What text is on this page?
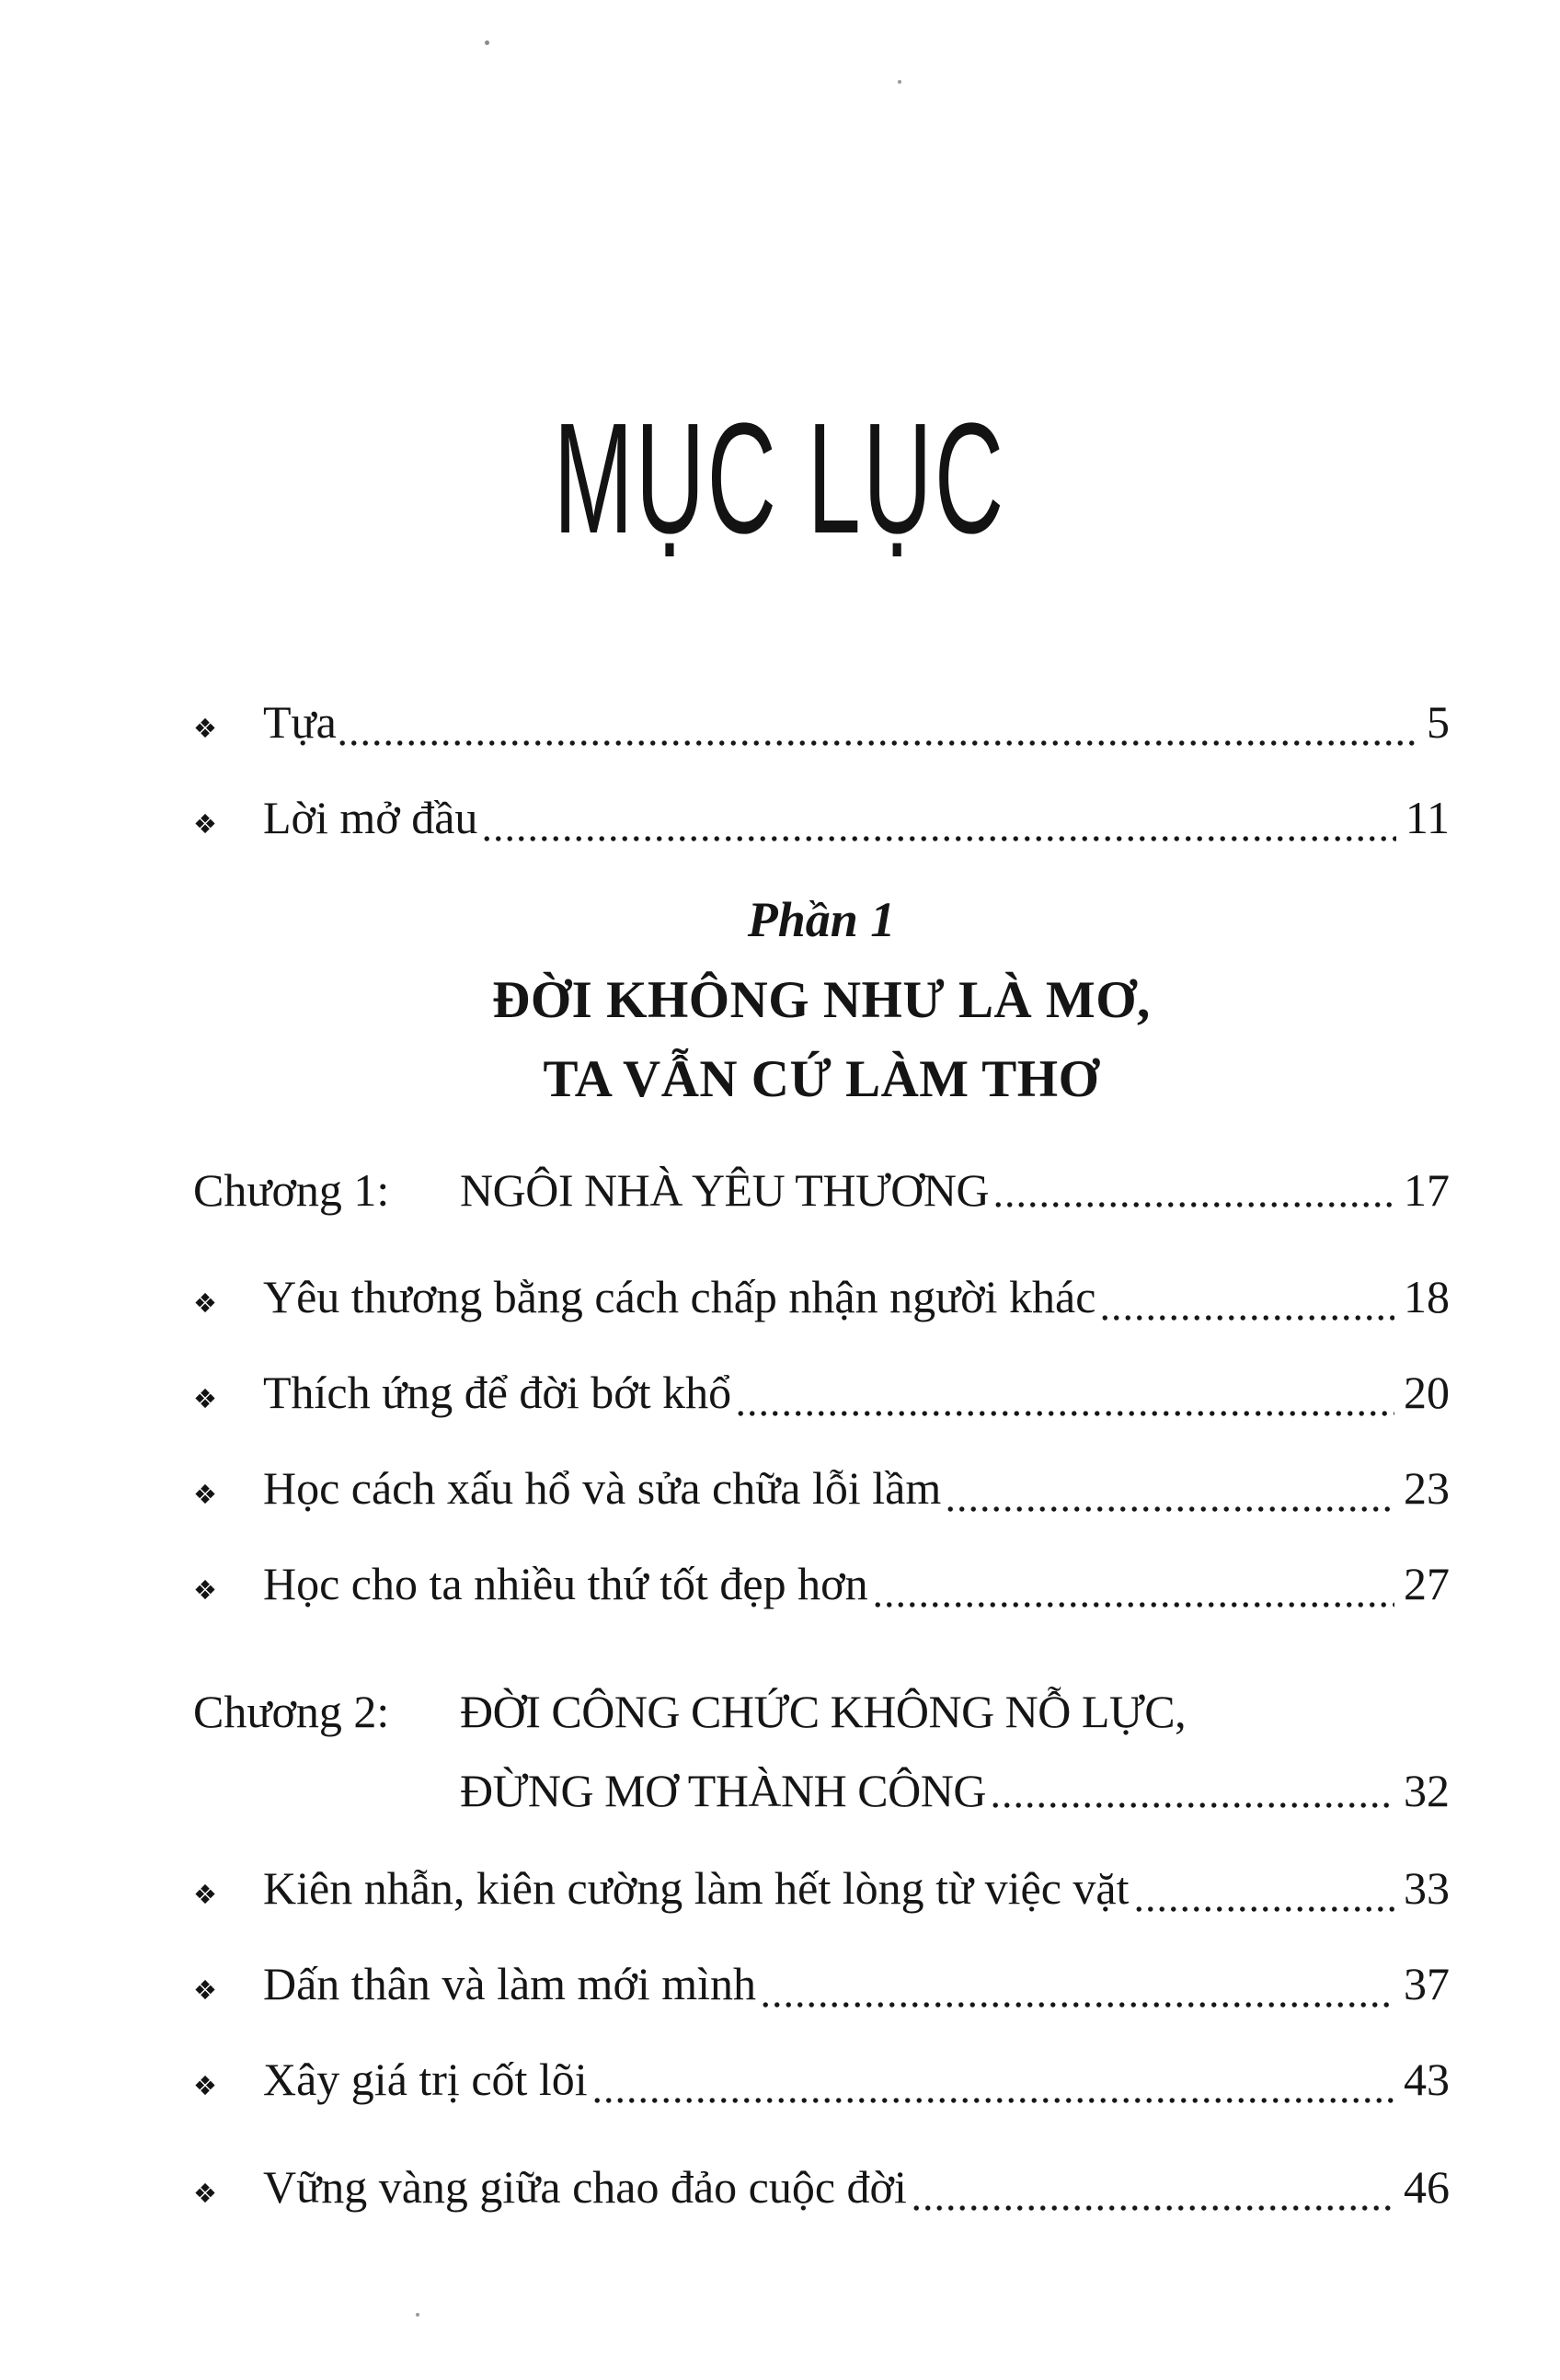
MỤC LỤC
❖	Tựa	5
❖	Lời mở đầu	11
Phần 1
ĐỜI KHÔNG NHƯ LÀ MƠ,
TA VẪN CỨ LÀM THƠ
Chương 1:	NGÔI NHÀ YÊU THƯƠNG	17
❖	Yêu thương bằng cách chấp nhận người khác	18
❖	Thích ứng để đời bớt khổ	20
❖	Học cách xấu hổ và sửa chữa lỗi lầm	23
❖	Học cho ta nhiều thứ tốt đẹp hơn	27
Chương 2:	ĐỜI CÔNG CHỨC KHÔNG NỖ LỰC,
ĐỪNG MƠ THÀNH CÔNG	32
❖	Kiên nhẫn, kiên cường làm hết lòng từ việc vặt	33
❖	Dấn thân và làm mới mình	37
❖	Xây giá trị cốt lõi	43
❖	Vững vàng giữa chao đảo cuộc đời	46
